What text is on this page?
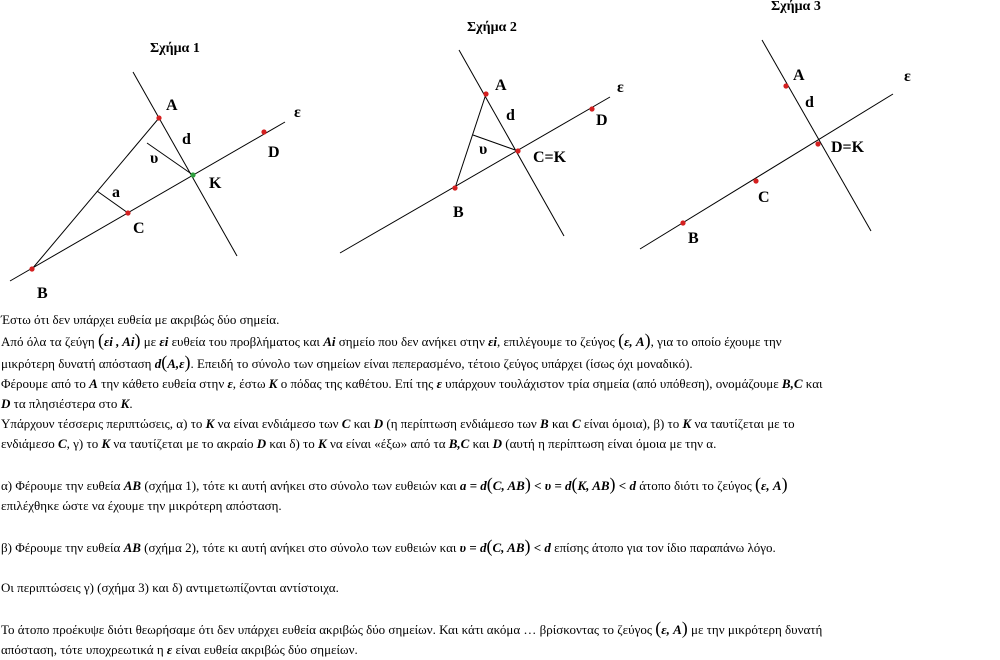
Σχήμα 1
A
B
C
D
K
ε
d
υ
a
Σχήμα 2
A
B
D
C=K
ε
d
υ
Σχήμα 3
A
B
C
D=K
ε
d

Έστω ότι δεν υπάρχει ευθεία με ακριβώς δύο σημεία.

Από όλα τα ζεύγη (εi , Ai) με εi ευθεία του προβλήματος και Ai σημείο που δεν ανήκει στην εi, επιλέγουμε το ζεύγος (ε, A), για το οποίο έχουμε την

μικρότερη δυνατή απόσταση d(A,ε). Επειδή το σύνολο των σημείων είναι πεπερασμένο, τέτοιο ζεύγος υπάρχει (ίσως όχι μοναδικό).

Φέρουμε από το A την κάθετο ευθεία στην ε, έστω K ο πόδας της καθέτου. Επί της ε υπάρχουν τουλάχιστον τρία σημεία (από υπόθεση), ονομάζουμε B,C και

D τα πλησιέστερα στο K.

Υπάρχουν τέσσερις περιπτώσεις, α) το K να είναι ενδιάμεσο των C και D (η περίπτωση ενδιάμεσο των B και C είναι όμοια), β) το K να ταυτίζεται με το

ενδιάμεσο C, γ) το K να ταυτίζεται με το ακραίο D και δ) το K να είναι «έξω» από τα B,C και D (αυτή η περίπτωση είναι όμοια με την α.

α) Φέρουμε την ευθεία AB (σχήμα 1), τότε κι αυτή ανήκει στο σύνολο των ευθειών και a = d(C, AB) < υ = d(K, AB) < d άτοπο διότι το ζεύγος (ε, A)

επιλέχθηκε ώστε να έχουμε την μικρότερη απόσταση.

β) Φέρουμε την ευθεία AB (σχήμα 2), τότε κι αυτή ανήκει στο σύνολο των ευθειών και υ = d(C, AB) < d επίσης άτοπο για τον ίδιο παραπάνω λόγο.

Οι περιπτώσεις γ) (σχήμα 3) και δ) αντιμετωπίζονται αντίστοιχα.

Το άτοπο προέκυψε διότι θεωρήσαμε ότι δεν υπάρχει ευθεία ακριβώς δύο σημείων. Και κάτι ακόμα … βρίσκοντας το ζεύγος (ε, A) με την μικρότερη δυνατή

απόσταση, τότε υποχρεωτικά η ε είναι ευθεία ακριβώς δύο σημείων.
